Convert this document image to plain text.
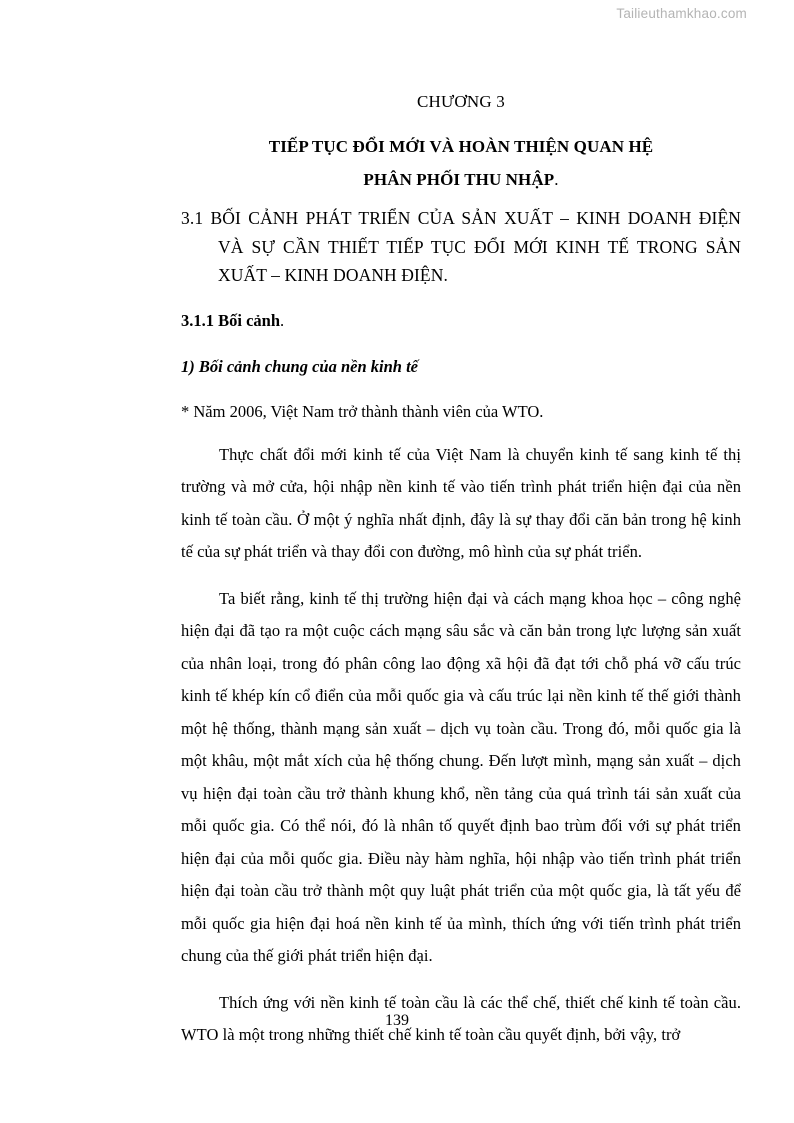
Tailieuthamkhao.com
CHƯƠNG 3
TIẾP TỤC ĐỔI MỚI VÀ HOÀN THIỆN QUAN HỆ
PHÂN PHỐI THU NHẬP.
3.1 BỐI CẢNH PHÁT TRIỂN CỦA SẢN XUẤT – KINH DOANH ĐIỆN
VÀ SỰ CẦN THIẾT TIẾP TỤC ĐỔI MỚI KINH TẾ TRONG SẢN
XUẤT – KINH DOANH ĐIỆN.
3.1.1 Bối cảnh.
1) Bối cảnh chung của nền kinh tế
* Năm 2006, Việt Nam trở thành thành viên của WTO.

Thực chất đổi mới kinh tế của Việt Nam là chuyển kinh tế sang kinh tế thị trường và mở cửa, hội nhập nền kinh tế vào tiến trình phát triển hiện đại của nền kinh tế toàn cầu. Ở một ý nghĩa nhất định, đây là sự thay đổi căn bản trong hệ kinh tế của sự phát triển và thay đổi con đường, mô hình của sự phát triển.

Ta biết rằng, kinh tế thị trường hiện đại và cách mạng khoa học – công nghệ hiện đại đã tạo ra một cuộc cách mạng sâu sắc và căn bản trong lực lượng sản xuất của nhân loại, trong đó phân công lao động xã hội đã đạt tới chỗ phá vỡ cấu trúc kinh tế khép kín cổ điển của mỗi quốc gia và cấu trúc lại nền kinh tế thế giới thành một hệ thống, thành mạng sản xuất – dịch vụ toàn cầu. Trong đó, mỗi quốc gia là một khâu, một mắt xích của hệ thống chung. Đến lượt mình, mạng sản xuất – dịch vụ hiện đại toàn cầu trở thành khung khổ, nền tảng của quá trình tái sản xuất của mỗi quốc gia. Có thể nói, đó là nhân tố quyết định bao trùm đối với sự phát triển hiện đại của mỗi quốc gia. Điều này hàm nghĩa, hội nhập vào tiến trình phát triển hiện đại toàn cầu trở thành một quy luật phát triển của một quốc gia, là tất yếu để mỗi quốc gia hiện đại hoá nền kinh tế ủa mình, thích ứng với tiến trình phát triển chung của thế giới phát triển hiện đại.

Thích ứng với nền kinh tế toàn cầu là các thể chế, thiết chế kinh tế toàn cầu. WTO là một trong những thiết chế kinh tế toàn cầu quyết định, bởi vậy, trở

139
